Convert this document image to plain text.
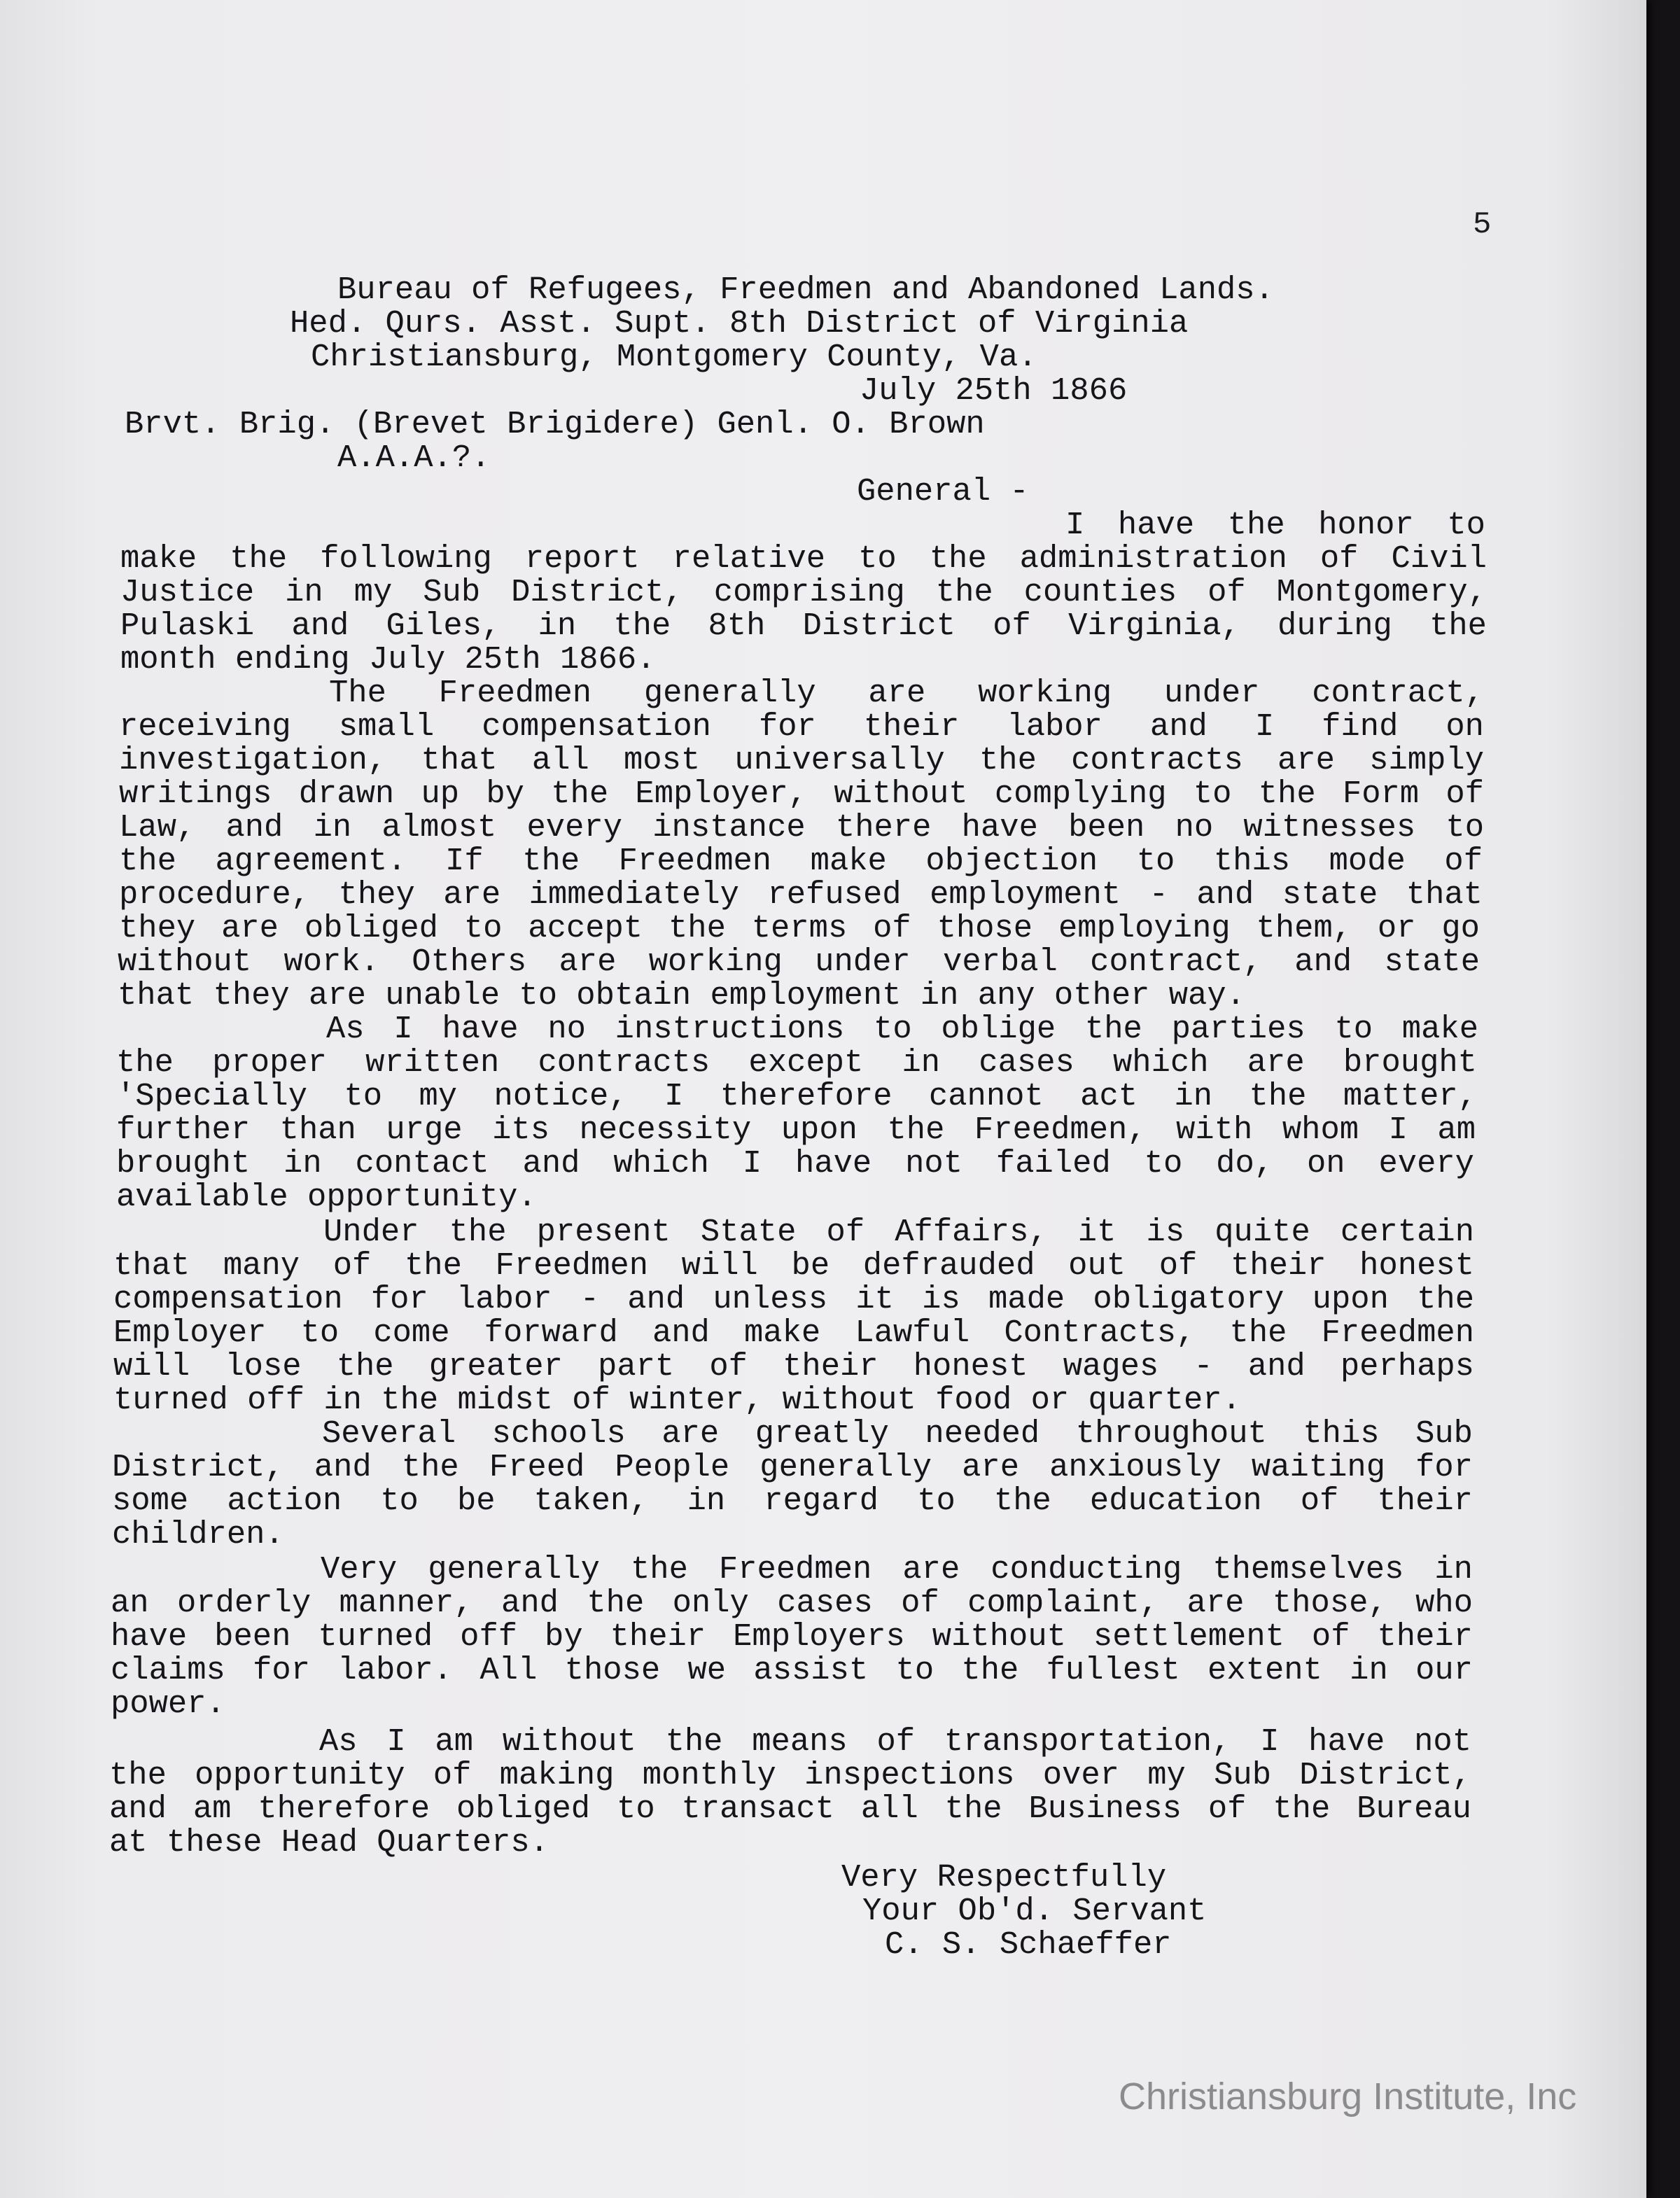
5
Bureau of Refugees, Freedmen and Abandoned Lands.
Hed. Qurs. Asst. Supt. 8th District of Virginia
Christiansburg, Montgomery County, Va.
July 25th 1866
Brvt. Brig. (Brevet Brigidere) Genl. O. Brown
A.A.A.?.
General -
I have the honor to
make the following report relative to the administration of Civil
Justice in my Sub District, comprising the counties of Montgomery,
Pulaski and Giles, in the 8th District of Virginia, during the
month ending July 25th 1866.
The Freedmen generally are working under contract,
receiving small compensation for their labor and I find on
investigation, that all most universally the contracts are simply
writings drawn up by the Employer, without complying to the Form of
Law, and in almost every instance there have been no witnesses to
the agreement. If the Freedmen make objection to this mode of
procedure, they are immediately refused employment - and state that
they are obliged to accept the terms of those employing them, or go
without work. Others are working under verbal contract, and state
that they are unable to obtain employment in any other way.
As I have no instructions to oblige the parties to make
the proper written contracts except in cases which are brought
'Specially to my notice, I therefore cannot act in the matter,
further than urge its necessity upon the Freedmen, with whom I am
brought in contact and which I have not failed to do, on every
available opportunity.
Under the present State of Affairs, it is quite certain
that many of the Freedmen will be defrauded out of their honest
compensation for labor - and unless it is made obligatory upon the
Employer to come forward and make Lawful Contracts, the Freedmen
will lose the greater part of their honest wages - and perhaps
turned off in the midst of winter, without food or quarter.
Several schools are greatly needed throughout this Sub
District, and the Freed People generally are anxiously waiting for
some action to be taken, in regard to the education of their
children.
Very generally the Freedmen are conducting themselves in
an orderly manner, and the only cases of complaint, are those, who
have been turned off by their Employers without settlement of their
claims for labor. All those we assist to the fullest extent in our
power.
As I am without the means of transportation, I have not
the opportunity of making monthly inspections over my Sub District,
and am therefore obliged to transact all the Business of the Bureau
at these Head Quarters.
Very Respectfully
Your Ob'd. Servant
C. S. Schaeffer
Christiansburg Institute, Inc
